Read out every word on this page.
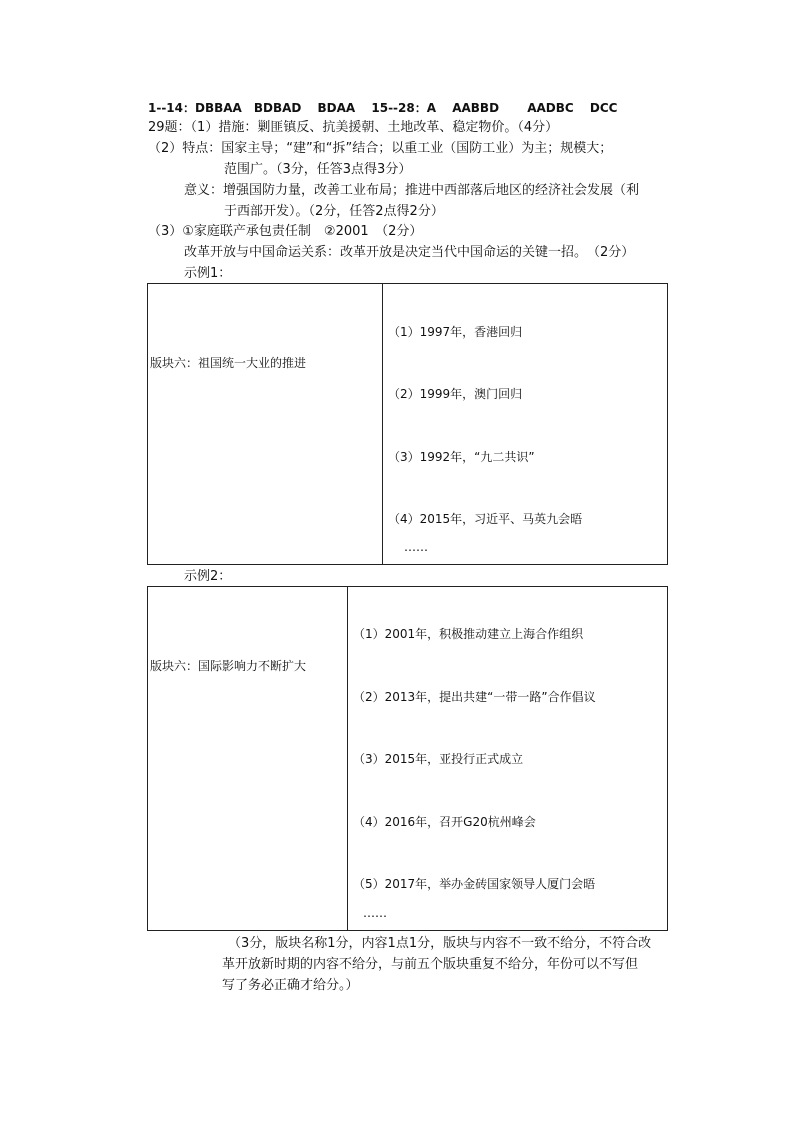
1--14：DBBAA　BDBAD　 BDAA　 15--28：A　 AABBD　　 AADBC　 DCC
29题：（1）措施：剿匪镇反、抗美援朝、土地改革、稳定物价。（4分）
（2）特点：国家主导；“建”和“拆”结合；以重工业（国防工业）为主；规模大；
范围广。（3分，任答3点得3分）
意义：增强国防力量，改善工业布局；推进中西部落后地区的经济社会发展（利
于西部开发）。（2分，任答2点得2分）
（3）①家庭联产承包责任制　②2001　（2分）
改革开放与中国命运关系：改革开放是决定当代中国命运的关键一招。　（2分）
示例1：
版块六：祖国统一大业的推进
（1）1997年，香港回归
（2）1999年，澳门回归
（3）1992年，“九二共识”
（4）2015年，习近平、马英九会晤
……
示例2：
版块六：国际影响力不断扩大
（1）2001年，积极推动建立上海合作组织
（2）2013年，提出共建“一带一路”合作倡议
（3）2015年，亚投行正式成立
（4）2016年，召开G20杭州峰会
（5）2017年，举办金砖国家领导人厦门会晤
……
（3分，版块名称1分，内容1点1分，版块与内容不一致不给分，不符合改
革开放新时期的内容不给分，与前五个版块重复不给分，年份可以不写但
写了务必正确才给分。）
